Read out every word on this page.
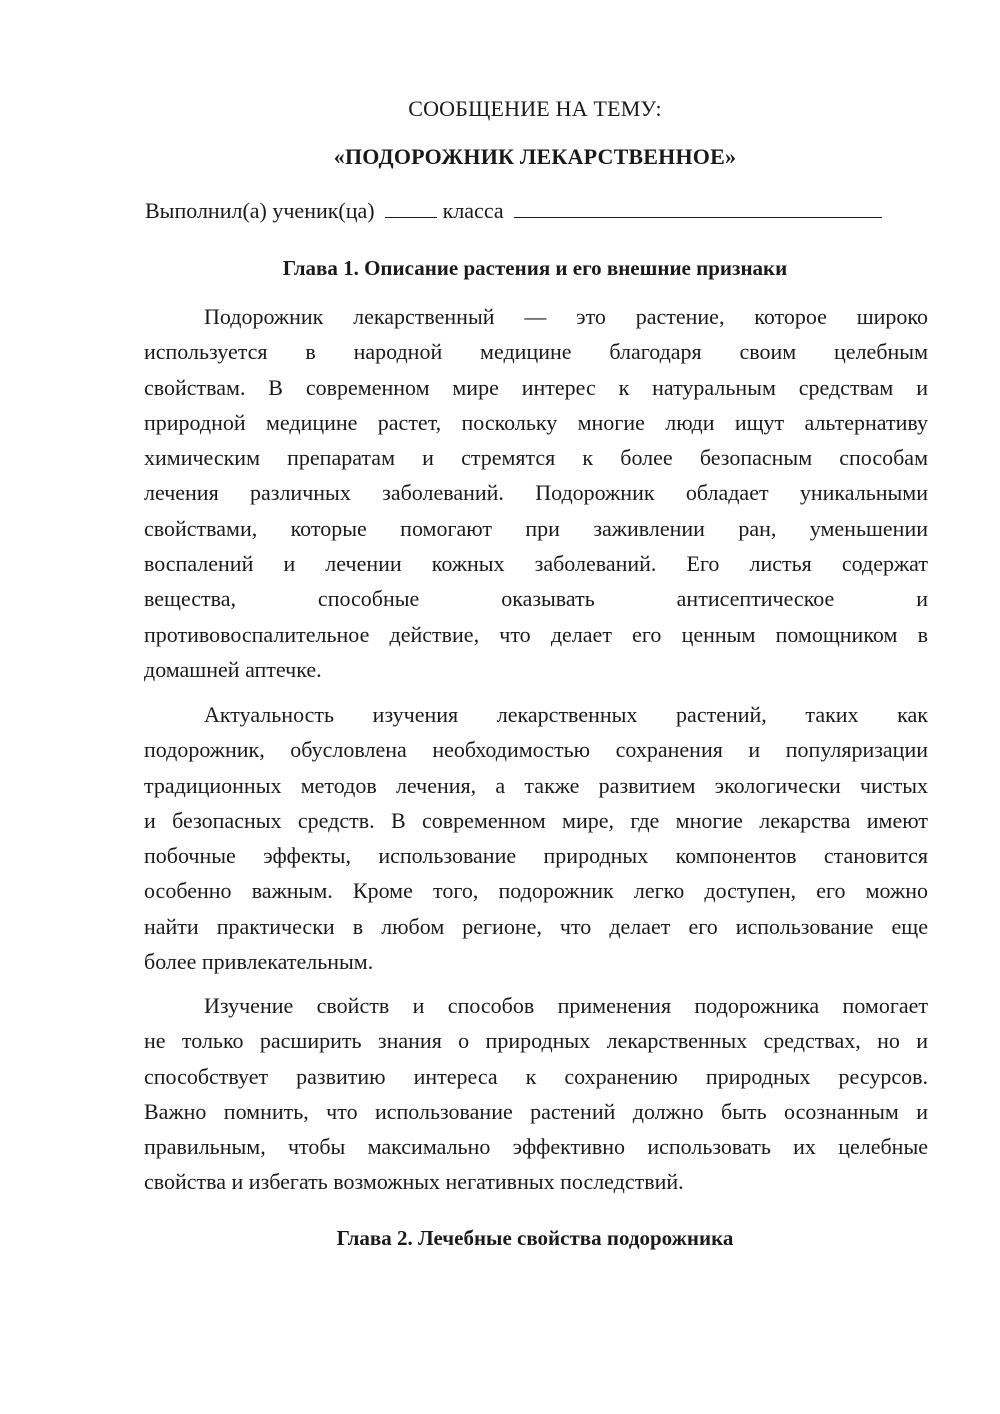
СООБЩЕНИЕ НА ТЕМУ:
«ПОДОРОЖНИК ЛЕКАРСТВЕННОЕ»
Выполнил(а) ученик(ца)	класса
Глава 1. Описание растения и его внешние признаки
Подорожник лекарственный — это растение, которое широко
используется в народной медицине благодаря своим целебным
свойствам. В современном мире интерес к натуральным средствам и
природной медицине растет, поскольку многие люди ищут альтернативу
химическим препаратам и стремятся к более безопасным способам
лечения различных заболеваний. Подорожник обладает уникальными
свойствами, которые помогают при заживлении ран, уменьшении
воспалений и лечении кожных заболеваний. Его листья содержат
вещества, способные оказывать антисептическое и
противовоспалительное действие, что делает его ценным помощником в
домашней аптечке.
Актуальность изучения лекарственных растений, таких как
подорожник, обусловлена необходимостью сохранения и популяризации
традиционных методов лечения, а также развитием экологически чистых
и безопасных средств. В современном мире, где многие лекарства имеют
побочные эффекты, использование природных компонентов становится
особенно важным. Кроме того, подорожник легко доступен, его можно
найти практически в любом регионе, что делает его использование еще
более привлекательным.
Изучение свойств и способов применения подорожника помогает
не только расширить знания о природных лекарственных средствах, но и
способствует развитию интереса к сохранению природных ресурсов.
Важно помнить, что использование растений должно быть осознанным и
правильным, чтобы максимально эффективно использовать их целебные
свойства и избегать возможных негативных последствий.
Глава 2. Лечебные свойства подорожника
